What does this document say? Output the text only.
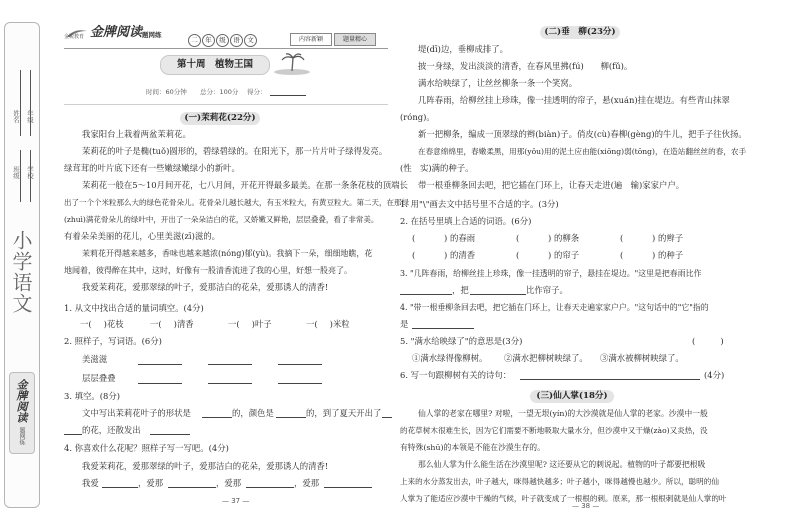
学校
班级
年级
姓名
小学语文
金牌阅读
题网练
金锐教育 金牌阅读 题网练
二	年	级	语	文	内容新颖	题量精心
第十周　植物王国
时间：60分钟 总分：100分 得分：
(一)茉莉花(22分)
我家阳台上栽着两盆茉莉花。
茉莉花的叶子是椭(tuǒ)圆形的，碧绿碧绿的。在阳光下，那一片片叶子绿得发亮。
绿茸茸的叶片底下还有一些嫩绿嫩绿小的新叶。
茉莉花一般在5～10月间开花，七八月间，开花开得最多最美。在那一条条花枝的顶端长
出了一个个米粒那么大的绿色花骨朵儿。花骨朵儿越长越大，有玉米粒大，有黄豆粒大。第二天，在那绿
(zhuì)满花骨朵儿的绿叶中，开出了一朵朵洁白的花，又娇嫩又鲜艳，层层叠叠，看了非常美。
有着朵朵美丽的花儿，心里美滋(zī)滋的。
茉莉花开得越来越多，香味也越来越浓(nóng)郁(yù)。我摘下一朵，细细地瞧，花
地闻着，彼得醉在其中，这时，好像有一股清香流进了我的心里，好想一股亮了。
我爱茉莉花，爱那翠绿的叶子，爱那洁白的花朵，爱那诱人的清香!
1. 从文中找出合适的量词填空。(4分)
一( )花枝	一( )清香	一( )叶子	一( )米粒
2. 照样子，写词语。(6分)
美滋滋
层层叠叠
3. 填空。(8分)
文中写出茉莉花叶子的形状是	的，颜色是	的，到了夏天开出了
的花，还散发出
4. 你喜欢什么花呢？照样子写一写吧。(4分)
我爱茉莉花，爱那翠绿的叶子，爱那洁白的花朵，爱那诱人的清香!
我爱	，爱那	，爱那	，爱那
— 37 —
(二)垂　柳(23分)
堤(dī)边，垂柳成排了。
披一身绿，发出淡淡的清香，在春风里拂(fú)　　柳(fǔ)。
满水给映绿了，让丝丝柳条一条一个笑窝。
几阵春雨，给柳丝挂上珍珠，像一挂透明的帘子，悬(xuán)挂在堤边。有些青山抹翠
(róng)。
新一把柳条，编成一顶翠绿的辫(biàn)子。俏皮(cù)春柳(gèng)的牛儿，把手子往伙扬。
在春意绵绵里，春嫩柔黑，用那(yǒu)用的泥土应由能(xiōng)弱(tōng)，在造站翻丝丝的春，农手
(性　实)满的种子。
带一根垂柳条回去吧，把它插在门环上，让春天走进(遍　输)家家户户。
1. 用"\"画去文中括号里不合适的字。(3分)
2. 在括号里填上合适的词语。(6分)
(	) 的春雨	(	) 的柳条	(	) 的辫子
(	) 的清香	(	) 的帘子	(	) 的种子
3. "几阵春雨，给柳丝挂上珍珠，像一挂透明的帘子，悬挂在堤边。"这里是把春雨比作
，把	比作帘子。
4. "带一根垂柳条回去吧，把它插在门环上，让春天走遍家家户户。"这句话中的"它"指的
是
5. "满水给映绿了"的意思是(3分)	(　　　)
①满水绿得像柳树。 ②满水把柳树映绿了。 ③满水被柳树映绿了。
6. 写一句跟柳树有关的诗句：	(4分)
(三)仙人掌(18分)
仙人掌的老家在哪里? 对啦，一望无垠(yín)的大沙漠就是仙人掌的老家。沙漠中一般
的花草树木很难生长，因为它们需要不断地吸取大量水分，但沙漠中又干燥(zào)又炎热，没
有特殊(shū)的本领是不能在沙漠生存的。
那么仙人掌为什么能生活在沙漠里呢? 这还要从它的刺说起。植物的叶子都要把根吸
上来的水分蒸发出去，叶子越大，咪得越快越多；叶子越小，咪得越慢也越少。所以，聪明的仙
人掌为了能适应沙漠中干燥的气候，叶子就变成了一根根的刺。原来，那一根根刺就是仙人掌的叶
— 38 —
